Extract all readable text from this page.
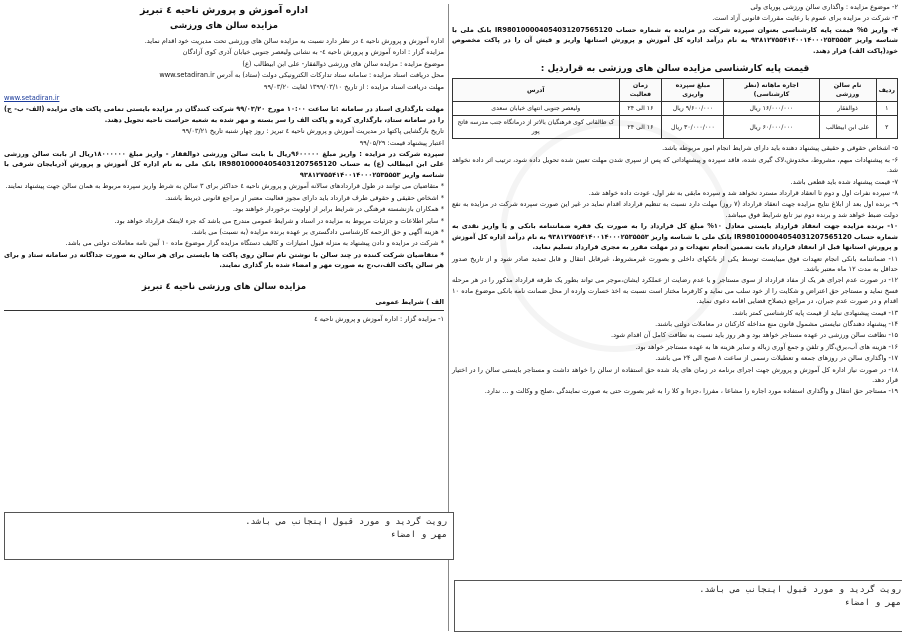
۲- موضوع مزایده : واگذاری سالن ورزشی پوریای ولی

۳- شرکت در مزایده برای عموم با رعایت مقررات قانونی آزاد است.

۴- واریز ۵% قیمت پایه کارشناسی بعنوان سپرده شرکت در مزایده به شماره حساب IR980100004054031207565120 بانک ملی با شناسه واریز ۹۳۸۱۲۷۵۵۴۱۴۰۰۱۴۰۰۰۲۵۳۵۵۵۳ به نام درآمد اداره کل آموزش و پرورش استانها واریز و فیش آن را در پاکت مخصوص خود(پاکت الف) قرار دهند.

قیمت پایه کارشناسی مزایده سالن های ورزشی به قرارذیل :
ردیف	نام سالن ورزشی	اجاره ماهانه (نظر کارشناسی)	مبلغ سپرده واریزی	زمان فعالیت	آدرس
۱	ذوالفقار	۱۶/۰۰۰/۰۰۰ ریال	۹/۶۰۰/۰۰۰ ریال	۱۶ الی ۲۴	ولیعصر جنوبی انتهای خیابان سعدی
۲	علی ابن ابیطالب	۶۰/۰۰۰/۰۰۰ ریال	۳۰/۰۰۰/۰۰۰ ریال	۱۶ الی ۲۴	ک طالقانی کوی فرهنگیان بالاتر از درمانگاه جنب مدرسه فاتح پور

۵- اشخاص حقوقی و حقیقی پیشنهاد دهنده باید دارای شرایط انجام امور مربوطه باشد.

۶- به پیشنهادات مبهم، مشروط، مخدوش،لاک گیری شده، فاقد سپرده و پیشنهاداتی که پس از سپری شدن مهلت تعیین شده تحویل داده شود، ترتیب اثر داده نخواهد شد.

۷- قیمت پیشنهاد شده باید قطعی باشد.

۸- سپرده نفرات اول و دوم تا انعقاد قرارداد مسترد نخواهد شد و سپرده مابقی به نفر اول، عودت داده خواهد شد.

۹- برنده اول بعد از ابلاغ نتایج مزایده جهت انعقاد قرارداد (۷ روز) مهلت دارد نسبت به تنظیم قرارداد اقدام نماید در غیر این صورت سپرده شرکت در مزایده به نفع دولت ضبط خواهد شد و برنده دوم نیز تابع شرایط فوق میباشد.

۱۰- برنده مزایده جهت انعقاد قرارداد بایستی معادل ۱۰% مبلغ کل قرارداد را به صورت یک فقره ضمانتنامه بانکی و یا واریز نقدی به شماره حساب IR980100004054031207565120 بانک ملی با شناسه واریز ۹۳۸۱۲۷۵۵۴۱۴۰۰۱۴۰۰۰۲۵۳۵۵۵۳ به نام درآمد اداره کل آموزش و پرورش استانها قبل از انعقاد قرارداد بابت تضمین انجام تعهدات و در مهلت مقرر به مجری قرارداد تسلیم نماید.

۱۱- ضمانتنامه بانکی انجام تعهدات فوق میبایست توسط یکی از بانکهای داخلی و بصورت غیرمشروط، غیرقابل انتقال و قابل تمدید صادر شود و از تاریخ صدور حداقل به مدت ۱۲ ماه معتبر باشد.

۱۲- در صورت عدم اجرای هر یک از مفاد قرارداد از سوی مستاجر و یا عدم رضایت از عملکرد ایشان،موجر می تواند بطور یک طرفه قرارداد مذکور را در هر مرحله فسخ نماید و مستاجر حق اعتراض و شکایت را از خود سلب می نماید و کارفرما مختار است نسبت به اخذ خسارت وارده از محل ضمانت نامه بانکی موضوع ماده ۱۰ اقدام و در صورت عدم جبران، در مراجع ذیصلاح قضایی اقامه دعوی نماید.

۱۳- قیمت پیشنهادی نباید از قیمت پایه کارشناسی کمتر باشد.

۱۴- پیشنهاد دهندگان نبایستی مشمول قانون منع مداخله کارکنان در معاملات دولتی باشند.

۱۵- نظافت سالن ورزشی در عهده مستاجر خواهد بود و هر روز باید نسبت به نظافت کامل آن اقدام شود.

۱۶- هزینه های آب،برق،گاز و تلفن و جمع آوری زباله و سایر هزینه ها به عهده مستاجر خواهد بود.

۱۷- واگذاری سالن در روزهای جمعه و تعطیلات رسمی از ساعت ۸ صبح الی ۲۴ می باشد.

۱۸- در صورت نیاز اداره کل آموزش و پرورش جهت اجرای برنامه در زمان های یاد شده حق استفاده از سالن را خواهد داشت و مستاجر بایستی سالن را در اختیار قرار دهد.

۱۹- مستاجر حق انتقال و واگذاری استفاده مورد اجاره را مشاعا ، مفرزا ،جزءا و کلا را به غیر بصورت حتی به صورت نمایندگی ،صلح و وکالت و ... ندارد.

رویت گردید و مورد قبول اینجانب می باشد.
مهر و امضاء
اداره آموزش و پرورش ناحیه ٤ تبریز
مزایده سالن های ورزشی

اداره آموزش و پرورش ناحیه ٤ در نظر دارد نسبت به مزایده سالن های ورزشی تحت مدیریت خود اقدام نماید.

مزایده گزار : اداره آموزش و پرورش ناحیه ٤- به نشانی ولیعصر جنوبی خیابان آذری کوی آزادگان

موضوع مزایده : مزایده سالن های ورزشی ذوالفقار- علی ابن ابیطالب (ع)

محل دریافت اسناد مزایده : سامانه ستاد تدارکات الکترونیکی دولت (ستاد) به آدرس www.setadiran.ir

مهلت دریافت اسناد مزایده : از تاریخ ۱۳۹۹/۰۳/۱۰ لغایت ۹۹/۰۳/۲۰

www.setadiran.ir

مهلت بارگذاری اسناد در سامانه :تا ساعت ۱۰:۰۰ مورخ ۹۹/۰۳/۲۰ شرکت کنندگان در مزایده بایستی تمامی پاکت های مزایده (الف- ب- ج) را در سامانه ستاد، بارگذاری کرده و پاکت الف را سر بسته و مهر شده به شعبه حراست ناحیه تحویل دهند.

تاریخ بازگشایی پاکتها در مدیریت آموزش و پرورش ناحیه ٤ تبریز : روز چهار شنبه تاریخ ۹۹/۰۳/۲۱

اعتبار پیشنهاد قیمت: ۹۹/۰۵/۲۹

سپرده شرکت در مزایده : واریز مبلغ ۹۶۰۰۰۰۰ریال با بابت سالن ورزشی ذوالفقار - واریز مبلغ ۱۸۰۰۰۰۰۰ریال از بابت سالن ورزشی علی ابن ابیطالب (ع) به حساب IR980100004054031207565120 بانک ملی به نام اداره کل آموزش و پرورش آذربایجان شرقی با شناسه واریز ۹۳۸۱۲۷۵۵۴۱۴۰۰۱۴۰۰۰۲۵۳۵۵۵۳

* متقاضیان می توانند در طول قراردادهای سالانه آموزش و پرورش ناحیه ٤ حداکثر برای ۳ سالن به شرط واریز سپرده مربوط به همان سالن جهت پیشنهاد نمایند.

* اشخاص حقیقی و حقوقی طرف قرارداد باید دارای مجوز فعالیت معتبر از مراجع قانونی ذیربط باشند.

* همکاران بازنشسته فرهنگی در شرایط برابر از اولویت برخوردار خواهند بود.

* سایر اطلاعات و جزئیات مربوط به مزایده در اسناد و شرایط عمومی مندرج می باشد که جزء لاینفک قرارداد خواهد بود.

* هزینه آگهی و حق الزحمه کارشناسی دادگستری بر عهده برنده مزایده (به نسبت) می باشد.

* شرکت در مزایده و دادن پیشنهاد به منزله قبول امتیازات و کالیف دستگاه مزایده گزار موضوع ماده ۱۰ آیین نامه معاملات دولتی می باشد.

* متقاضیان شرکت کننده در چند سالن با نوشتن نام سالن روی پاکت ها بایستی برای هر سالن به صورت جداگانه در سامانه ستاد و برای هر سالن پاکت الف،ب،ج به صورت مهر و امضاء شده بار گذاری نمایند.

مزایده سالن های ورزشی ناحیه ٤ تبریز

الف ) شرایط عمومی

۱- مزایده گزار : اداره آموزش و پرورش ناحیه ٤

رویت گردید و مورد قبول اینجانب می باشد.
مهر و امضاء
